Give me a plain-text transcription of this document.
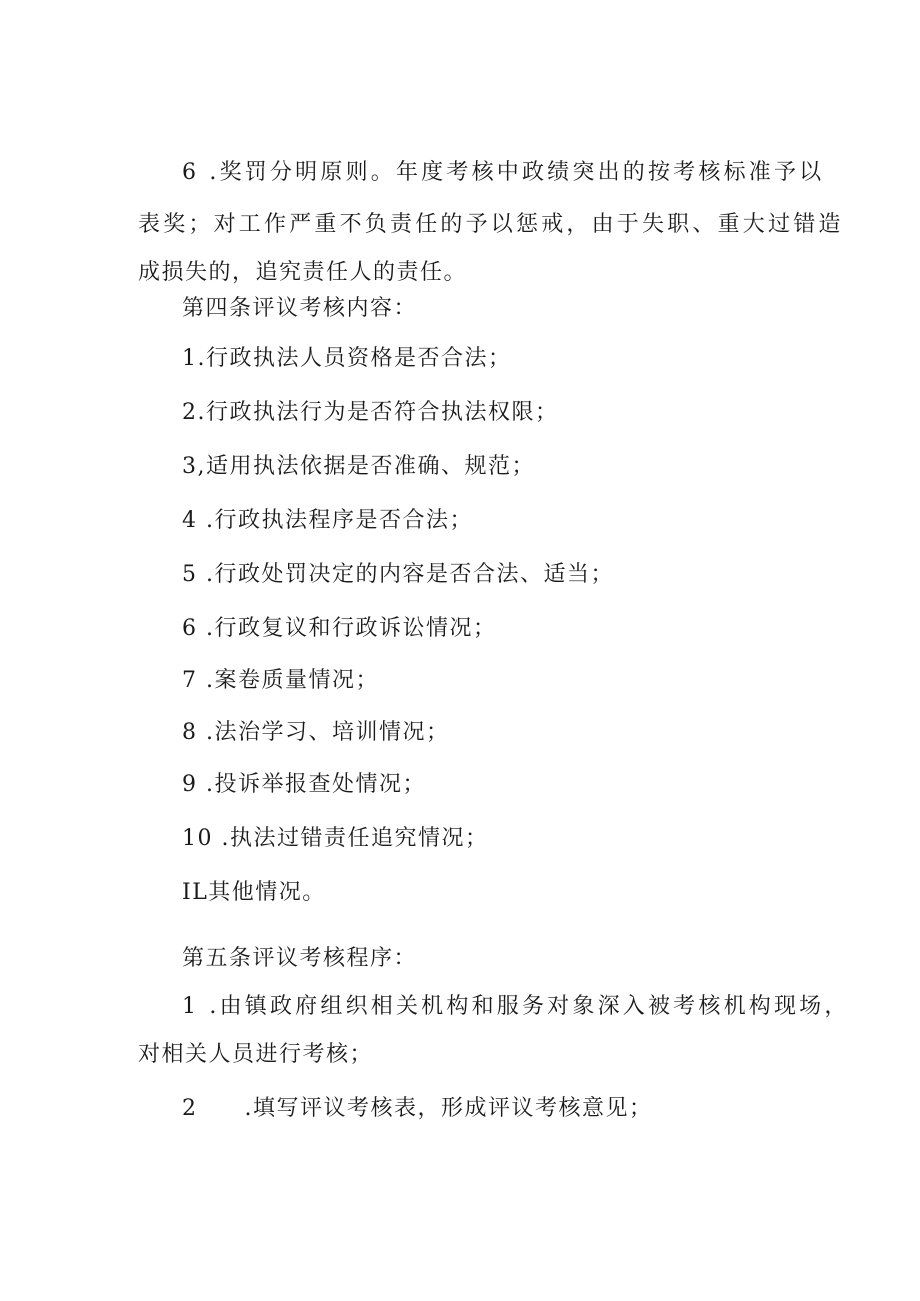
6 .奖罚分明原则。年度考核中政绩突出的按考核标准予以
表奖；对工作严重不负责任的予以惩戒，由于失职、重大过错造
成损失的，追究责任人的责任。
第四条评议考核内容：
1.行政执法人员资格是否合法；
2.行政执法行为是否符合执法权限；
3,适用执法依据是否准确、规范；
4 .行政执法程序是否合法；
5 .行政处罚决定的内容是否合法、适当；
6 .行政复议和行政诉讼情况；
7 .案卷质量情况；
8 .法治学习、培训情况；
9 .投诉举报查处情况；
10 .执法过错责任追究情况；
IL其他情况。
第五条评议考核程序：
1 .由镇政府组织相关机构和服务对象深入被考核机构现场，
对相关人员进行考核；
2　　.填写评议考核表，形成评议考核意见；
